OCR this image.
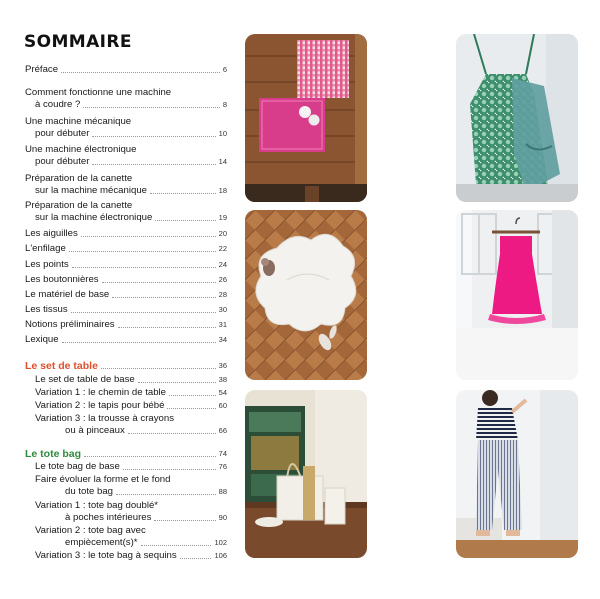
SOMMAIRE
Préface	6
Comment fonctionne une machine
à coudre ?	8
Une machine mécanique
pour débuter	10
Une machine électronique
pour débuter	14
Préparation de la canette
sur la machine mécanique	18
Préparation de la canette
sur la machine électronique	19
Les aiguilles	20
L'enfilage	22
Les points	24
Les boutonnières	26
Le matériel de base	28
Les tissus	30
Notions préliminaires	31
Lexique	34
Le set de table	36
Le set de table de base	38
Variation 1 : le chemin de table	54
Variation 2 : le tapis pour bébé	60
Variation 3 : la trousse à crayons
ou à pinceaux	66
Le tote bag	74
Le tote bag de base	76
Faire évoluer la forme et le fond
du tote bag	88
Variation 1 : tote bag doublé*
à poches intérieures	90
Variation 2 : tote bag avec
empiècement(s)*	102
Variation 3 : le tote bag à sequins	106
